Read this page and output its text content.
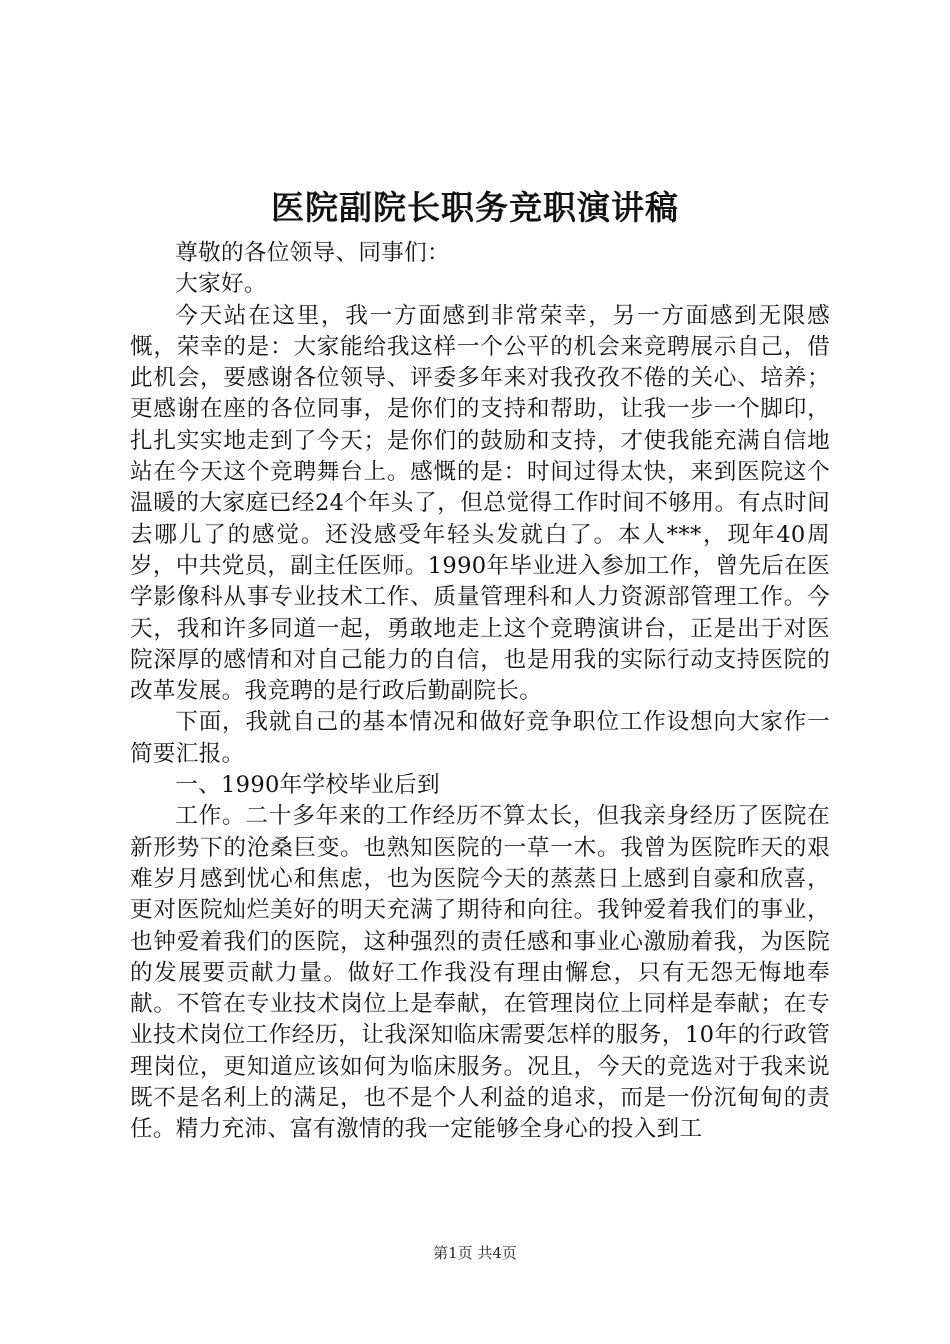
医院副院长职务竞职演讲稿

尊敬的各位领导、同事们：

大家好。

今天站在这里，我一方面感到非常荣幸，另一方面感到无限感慨，荣幸的是：大家能给我这样一个公平的机会来竞聘展示自己，借此机会，要感谢各位领导、评委多年来对我孜孜不倦的关心、培养；更感谢在座的各位同事，是你们的支持和帮助，让我一步一个脚印，扎扎实实地走到了今天；是你们的鼓励和支持，才使我能充满自信地站在今天这个竞聘舞台上。感慨的是：时间过得太快，来到医院这个温暖的大家庭已经24个年头了，但总觉得工作时间不够用。有点时间去哪儿了的感觉。还没感受年轻头发就白了。本人***，现年40周岁，中共党员，副主任医师。1990年毕业进入参加工作，曾先后在医学影像科从事专业技术工作、质量管理科和人力资源部管理工作。今天，我和许多同道一起，勇敢地走上这个竞聘演讲台，正是出于对医院深厚的感情和对自己能力的自信，也是用我的实际行动支持医院的改革发展。我竞聘的是行政后勤副院长。

下面，我就自己的基本情况和做好竞争职位工作设想向大家作一简要汇报。

一、1990年学校毕业后到

工作。二十多年来的工作经历不算太长，但我亲身经历了医院在新形势下的沧桑巨变。也熟知医院的一草一木。我曾为医院昨天的艰难岁月感到忧心和焦虑，也为医院今天的蒸蒸日上感到自豪和欣喜，更对医院灿烂美好的明天充满了期待和向往。我钟爱着我们的事业，也钟爱着我们的医院，这种强烈的责任感和事业心激励着我，为医院的发展要贡献力量。做好工作我没有理由懈怠，只有无怨无悔地奉献。不管在专业技术岗位上是奉献，在管理岗位上同样是奉献；在专业技术岗位工作经历，让我深知临床需要怎样的服务，10年的行政管理岗位，更知道应该如何为临床服务。况且，今天的竞选对于我来说既不是名利上的满足，也不是个人利益的追求，而是一份沉甸甸的责任。精力充沛、富有激情的我一定能够全身心的投入到工

第1页 共4页
